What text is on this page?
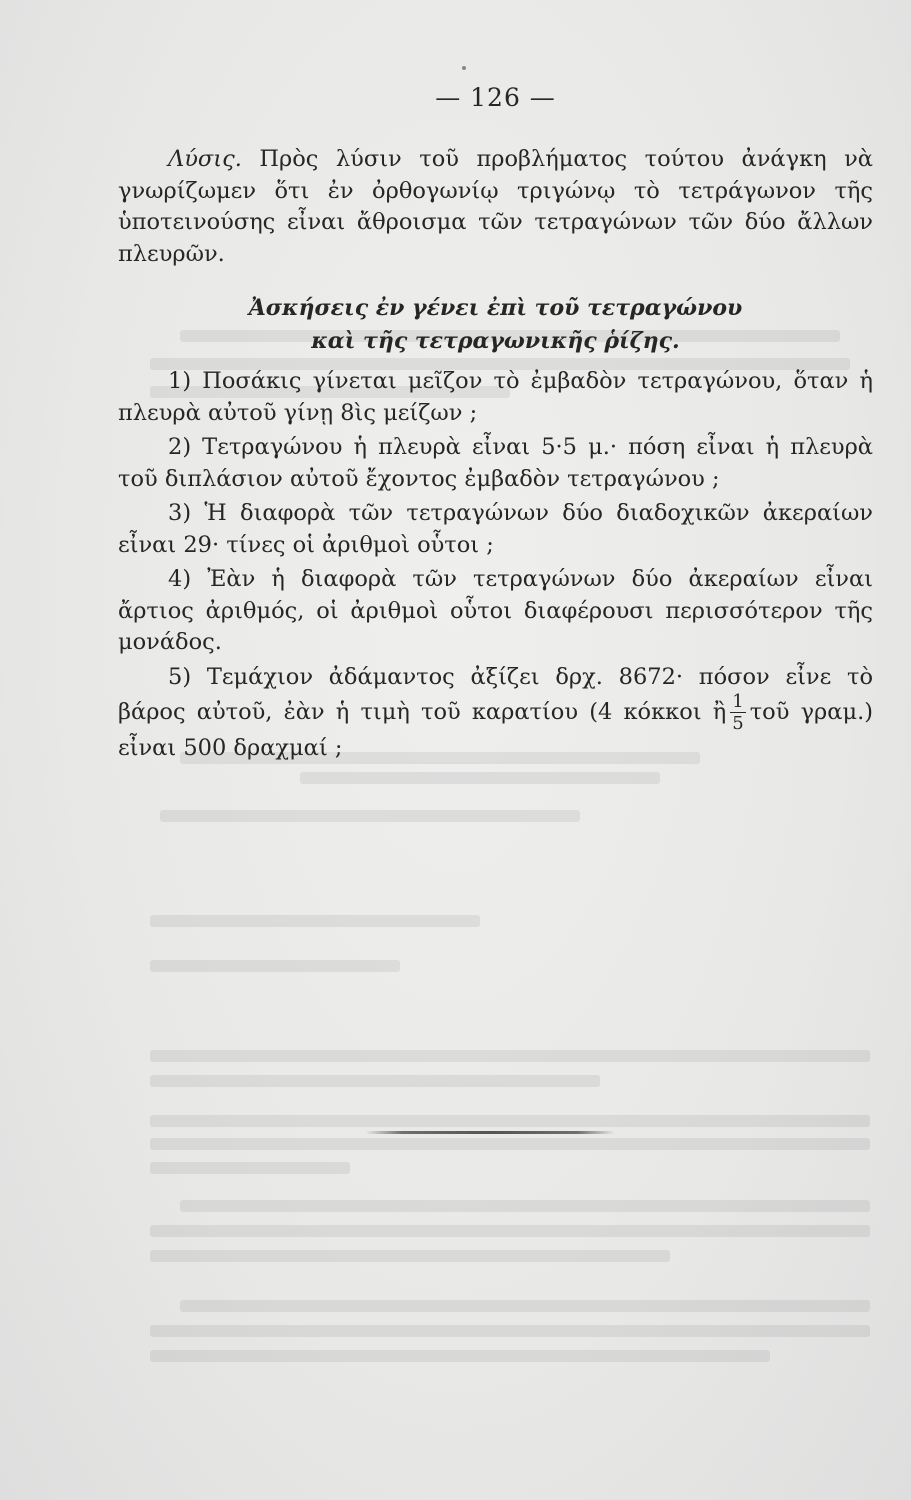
— 126 —

Λύσις. Πρὸς λύσιν τοῦ προβλήματος τούτου ἀνάγκη νὰ γνωρίζωμεν ὅτι ἐν ὀρθογωνίῳ τριγώνῳ τὸ τετράγωνον τῆς ὑποτεινούσης εἶναι ἄθροισμα τῶν τετραγώνων τῶν δύο ἄλλων πλευρῶν.

Ἀσκήσεις ἐν γένει ἐπὶ τοῦ τετραγώνου
καὶ τῆς τετραγωνικῆς ῥίζης.

1) Ποσάκις γίνεται μεῖζον τὸ ἐμβαδὸν τετραγώνου, ὅταν ἡ πλευρὰ αὐτοῦ γίνῃ 8ὶς μείζων ;

2) Τετραγώνου ἡ πλευρὰ εἶναι 5·5 μ.· πόση εἶναι ἡ πλευρὰ τοῦ διπλάσιον αὐτοῦ ἔχοντος ἐμβαδὸν τετραγώνου ;

3) Ἡ διαφορὰ τῶν τετραγώνων δύο διαδοχικῶν ἀκεραίων εἶναι 29· τίνες οἱ ἀριθμοὶ οὗτοι ;

4) Ἐὰν ἡ διαφορὰ τῶν τετραγώνων δύο ἀκεραίων εἶναι ἄρτιος ἀριθμός, οἱ ἀριθμοὶ οὗτοι διαφέρουσι περισσότερον τῆς μονάδος.

5) Τεμάχιον ἀδάμαντος ἀξίζει δρχ. 8672· πόσον εἶνε τὸ βάρος αὐτοῦ, ἐὰν ἡ τιμὴ τοῦ καρατίου (4 κόκκοι ἢ $\frac{1}{5}$ τοῦ γραμ.) εἶναι 500 δραχμαί ;
